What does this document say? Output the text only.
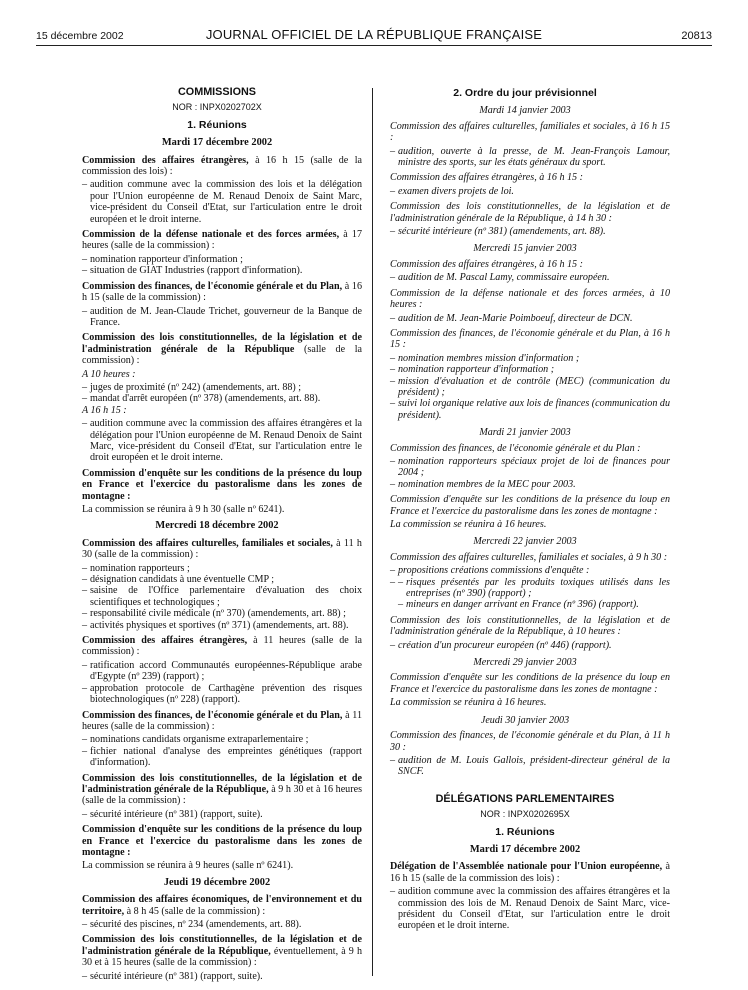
15 décembre 2002	JOURNAL OFFICIEL DE LA RÉPUBLIQUE FRANÇAISE	20813
COMMISSIONS
NOR : INPX0202702X
1. Réunions
Mardi 17 décembre 2002

Commission des affaires étrangères, à 16 h 15 (salle de la commission des lois) :

– audition commune avec la commission des lois et la délégation pour l'Union européenne de M. Renaud Denoix de Saint Marc, vice-président du Conseil d'Etat, sur l'articulation entre le droit européen et le droit interne.

Commission de la défense nationale et des forces armées, à 17 heures (salle de la commission) :

– nomination rapporteur d'information ;
– situation de GIAT Industries (rapport d'information).

Commission des finances, de l'économie générale et du Plan, à 16 h 15 (salle de la commission) :

– audition de M. Jean-Claude Trichet, gouverneur de la Banque de France.

Commission des lois constitutionnelles, de la législation et de l'administration générale de la République (salle de la commission) :

A 10 heures :

– juges de proximité (nº 242) (amendements, art. 88) ;
– mandat d'arrêt européen (nº 378) (amendements, art. 88).

A 16 h 15 :

– audition commune avec la commission des affaires étrangères et la délégation pour l'Union européenne de M. Renaud Denoix de Saint Marc, vice-président du Conseil d'Etat, sur l'articulation entre le droit européen et le droit interne.

Commission d'enquête sur les conditions de la présence du loup en France et l'exercice du pastoralisme dans les zones de montagne :

La commission se réunira à 9 h 30 (salle nº 6241).

Mercredi 18 décembre 2002

Commission des affaires culturelles, familiales et sociales, à 11 h 30 (salle de la commission) :

– nomination rapporteurs ;
– désignation candidats à une éventuelle CMP ;
– saisine de l'Office parlementaire d'évaluation des choix scientifiques et technologiques ;
– responsabilité civile médicale (nº 370) (amendements, art. 88) ;
– activités physiques et sportives (nº 371) (amendements, art. 88).

Commission des affaires étrangères, à 11 heures (salle de la commission) :

– ratification accord Communautés européennes-République arabe d'Egypte (nº 239) (rapport) ;
– approbation protocole de Carthagène prévention des risques biotechnologiques (nº 228) (rapport).

Commission des finances, de l'économie générale et du Plan, à 11 heures (salle de la commission) :

– nominations candidats organisme extraparlementaire ;
– fichier national d'analyse des empreintes génétiques (rapport d'information).

Commission des lois constitutionnelles, de la législation et de l'administration générale de la République, à 9 h 30 et à 16 heures (salle de la commission) :

– sécurité intérieure (nº 381) (rapport, suite).

Commission d'enquête sur les conditions de la présence du loup en France et l'exercice du pastoralisme dans les zones de montagne :

La commission se réunira à 9 heures (salle nº 6241).

Jeudi 19 décembre 2002

Commission des affaires économiques, de l'environnement et du territoire, à 8 h 45 (salle de la commission) :

– sécurité des piscines, nº 234 (amendements, art. 88).

Commission des lois constitutionnelles, de la législation et de l'administration générale de la République, éventuellement, à 9 h 30 et à 15 heures (salle de la commission) :

– sécurité intérieure (nº 381) (rapport, suite).
2. Ordre du jour prévisionnel
Mardi 14 janvier 2003

Commission des affaires culturelles, familiales et sociales, à 16 h 15 :

– audition, ouverte à la presse, de M. Jean-François Lamour, ministre des sports, sur les états généraux du sport.

Commission des affaires étrangères, à 16 h 15 :

– examen divers projets de loi.

Commission des lois constitutionnelles, de la législation et de l'administration générale de la République, à 14 h 30 :

– sécurité intérieure (nº 381) (amendements, art. 88).
Mercredi 15 janvier 2003

Commission des affaires étrangères, à 16 h 15 :

– audition de M. Pascal Lamy, commissaire européen.

Commission de la défense nationale et des forces armées, à 10 heures :

– audition de M. Jean-Marie Poimboeuf, directeur de DCN.

Commission des finances, de l'économie générale et du Plan, à 16 h 15 :

– nomination membres mission d'information ;
– nomination rapporteur d'information ;
– mission d'évaluation et de contrôle (MEC) (communication du président) ;
– suivi loi organique relative aux lois de finances (communication du président).
Mardi 21 janvier 2003

Commission des finances, de l'économie générale et du Plan :

– nomination rapporteurs spéciaux projet de loi de finances pour 2004 ;
– nomination membres de la MEC pour 2003.

Commission d'enquête sur les conditions de la présence du loup en France et l'exercice du pastoralisme dans les zones de montagne :

La commission se réunira à 16 heures.

Mercredi 22 janvier 2003

Commission des affaires culturelles, familiales et sociales, à 9 h 30 :

– propositions créations commissions d'enquête :
– – risques présentés par les produits toxiques utilisés dans les entreprises (nº 390) (rapport) ;
– mineurs en danger arrivant en France (nº 396) (rapport).

Commission des lois constitutionnelles, de la législation et de l'administration générale de la République, à 10 heures :

– création d'un procureur européen (nº 446) (rapport).
Mercredi 29 janvier 2003

Commission d'enquête sur les conditions de la présence du loup en France et l'exercice du pastoralisme dans les zones de montagne :

La commission se réunira à 16 heures.

Jeudi 30 janvier 2003

Commission des finances, de l'économie générale et du Plan, à 11 h 30 :

– audition de M. Louis Gallois, président-directeur général de la SNCF.
DÉLÉGATIONS PARLEMENTAIRES
NOR : INPX0202695X
1. Réunions
Mardi 17 décembre 2002

Délégation de l'Assemblée nationale pour l'Union européenne, à 16 h 15 (salle de la commission des lois) :

– audition commune avec la commission des affaires étrangères et la commission des lois de M. Renaud Denoix de Saint Marc, vice-président du Conseil d'Etat, sur l'articulation entre le droit européen et le droit interne.
